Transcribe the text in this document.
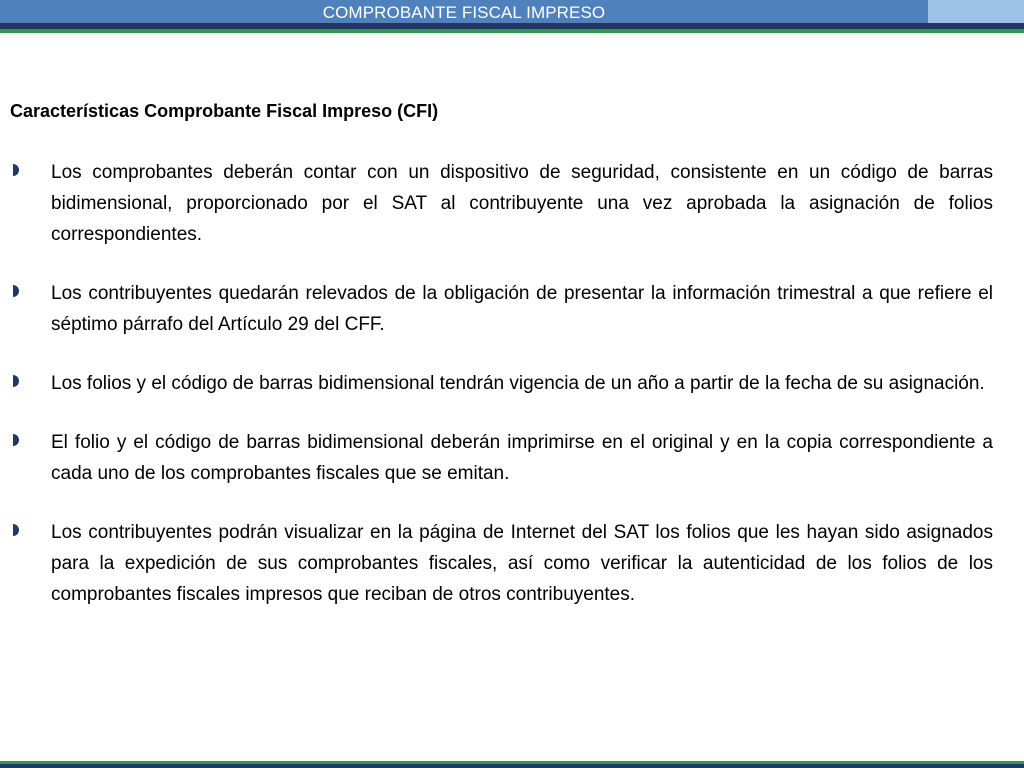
COMPROBANTE FISCAL IMPRESO
Características Comprobante Fiscal Impreso (CFI)
Los comprobantes deberán contar con un dispositivo de seguridad, consistente en un código de barras bidimensional, proporcionado por el SAT al contribuyente una vez aprobada la asignación de folios correspondientes.
Los contribuyentes quedarán relevados de la obligación de presentar la información trimestral a que refiere el séptimo párrafo del Artículo 29 del CFF.
Los folios y el código de barras bidimensional tendrán vigencia de un año a partir de la fecha de su asignación.
El folio y el código de barras bidimensional deberán imprimirse en el original y en la copia correspondiente a cada uno de los comprobantes fiscales que se emitan.
Los contribuyentes podrán visualizar en la página de Internet del SAT los folios que les hayan sido asignados para la expedición de sus comprobantes fiscales, así como verificar la autenticidad de los folios de los comprobantes fiscales impresos que reciban de otros contribuyentes.
